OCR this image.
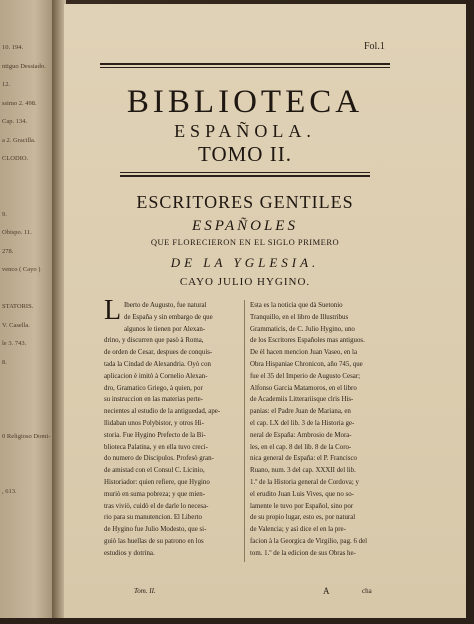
10. 194.
ntiguo Dessiado.
12.
ssimo 2. 498.
Cap. 134.
a 2. Gracilla.
CLODIO.
9.
Obispo. 11.
278.
venco ( Cayo )
STATORIS.
V. Casella.
le 3. 743.
8.
0 Religioso Domi-
, 613.
Fol.1
BIBLIOTECA
ESPAÑOLA.
TOMO II.
ESCRITORES GENTILES
ESPAÑOLES
QUE FLORECIERON EN EL SIGLO PRIMERO
DE LA YGLESIA.
CAYO JULIO HYGINO.
L Iberto de Augusto, fue natural
de España y sin embargo de que
algunos le tienen por Alexan-
drino, y discurren que pasò à Roma,
de orden de Cesar, despues de conquis-
tada la Cindad de Alexandria. Oyò con
aplicacion è imitò à Cornelio Alexan-
dro, Gramatico Griego, à quien, por
su instruccion en las materias perte-
necientes al estudio de la antiguedad, ape-
llidaban unos Polybistor, y otros Hi-
storia. Fue Hygino Prefecto de la Bi-
blioteca Palatina, y en ella tuvo creci-
do numero de Discipulos. Profesò gran-
de amistad con el Consul C. Licinio,
Historiador: quien refiere, que Hygino
muriò en suma pobreza; y que mien-
tras viviò, cuidò el de darle lo necesa-
rio para su manutencion. El Liberto
de Hygino fue Julio Modesto, que si-
guiò las huellas de su patrono en los
estudios y dotrina.
Esta es la noticia que dà Suetonio
Tranquillo, en el libro de Illustribus
Grammaticis, de C. Julio Hygino, uno
de los Escritores Españoles mas antiguos.
De èl hacen mencion Juan Vaseo, en la
Obra Hispaniae Chronicon, año 745, que
fue el 35 del Imperio de Augusto Cesar;
Alfonso Garcia Matamoros, en el libro
de Academiis Litterariisque clris His-
panias: el Padre Juan de Mariana, en
el cap. LX del lib. 3 de la Historia ge-
neral de España: Ambrosio de Mora-
les, en el cap. 8 del lib. 8 de la Coro-
nica general de España: el P. Francisco
Ruano, num. 3 del cap. XXXII del lib.
1.º de la Historia general de Cordova; y
el erudito Juan Luis Vives, que no so-
lamente le tuvo por Español, sino por
de su propio lugar, esto es, por natural
de Valencia; y asì dice el en la pre-
facion à la Georgica de Virgilio, pag. 6 del
tom. 1.º de la edicion de sus Obras he-
Tom. II.	A	cha
